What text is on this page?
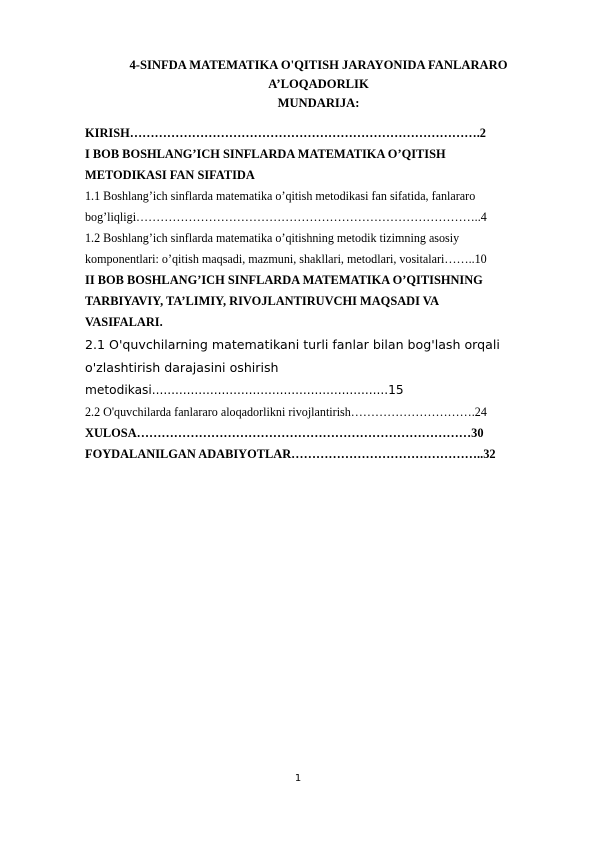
4-SINFDA MATEMATIKA O'QITISH JARAYONIDA FANLARARO
A’LOQADORLIK
MUNDARIJA:

KIRISH………………………………………………………………………….2

I BOB BOSHLANG’ICH SINFLARDA MATEMATIKA O’QITISH

METODIKASI FAN SIFATIDA

1.1 Boshlang’ich sinflarda matematika o’qitish metodikasi fan sifatida, fanlararo

bog’liqligi…………………………………………………………………………..4

1.2 Boshlang’ich sinflarda matematika o’qitishning metodik tizimning asosiy

komponentlari: o’qitish maqsadi, mazmuni, shakllari, metodlari, vositalari……..10

II BOB BOSHLANG’ICH SINFLARDA MATEMATIKA O’QITISHNING

TARBIYAVIY, TA’LIMIY, RIVOJLANTIRUVCHI MAQSADI VA

VASIFALARI.

2.1 O'quvchilarning matematikani turli fanlar bilan bog'lash orqali

o'zlashtirish darajasini oshirish

metodikasi.............................................................15

2.2 O'quvchilarda fanlararo aloqadorlikni rivojlantirish………………………….24

XULOSA………………………………………………………………………30

FOYDALANILGAN ADABIYOTLAR………………………………………..32

1
